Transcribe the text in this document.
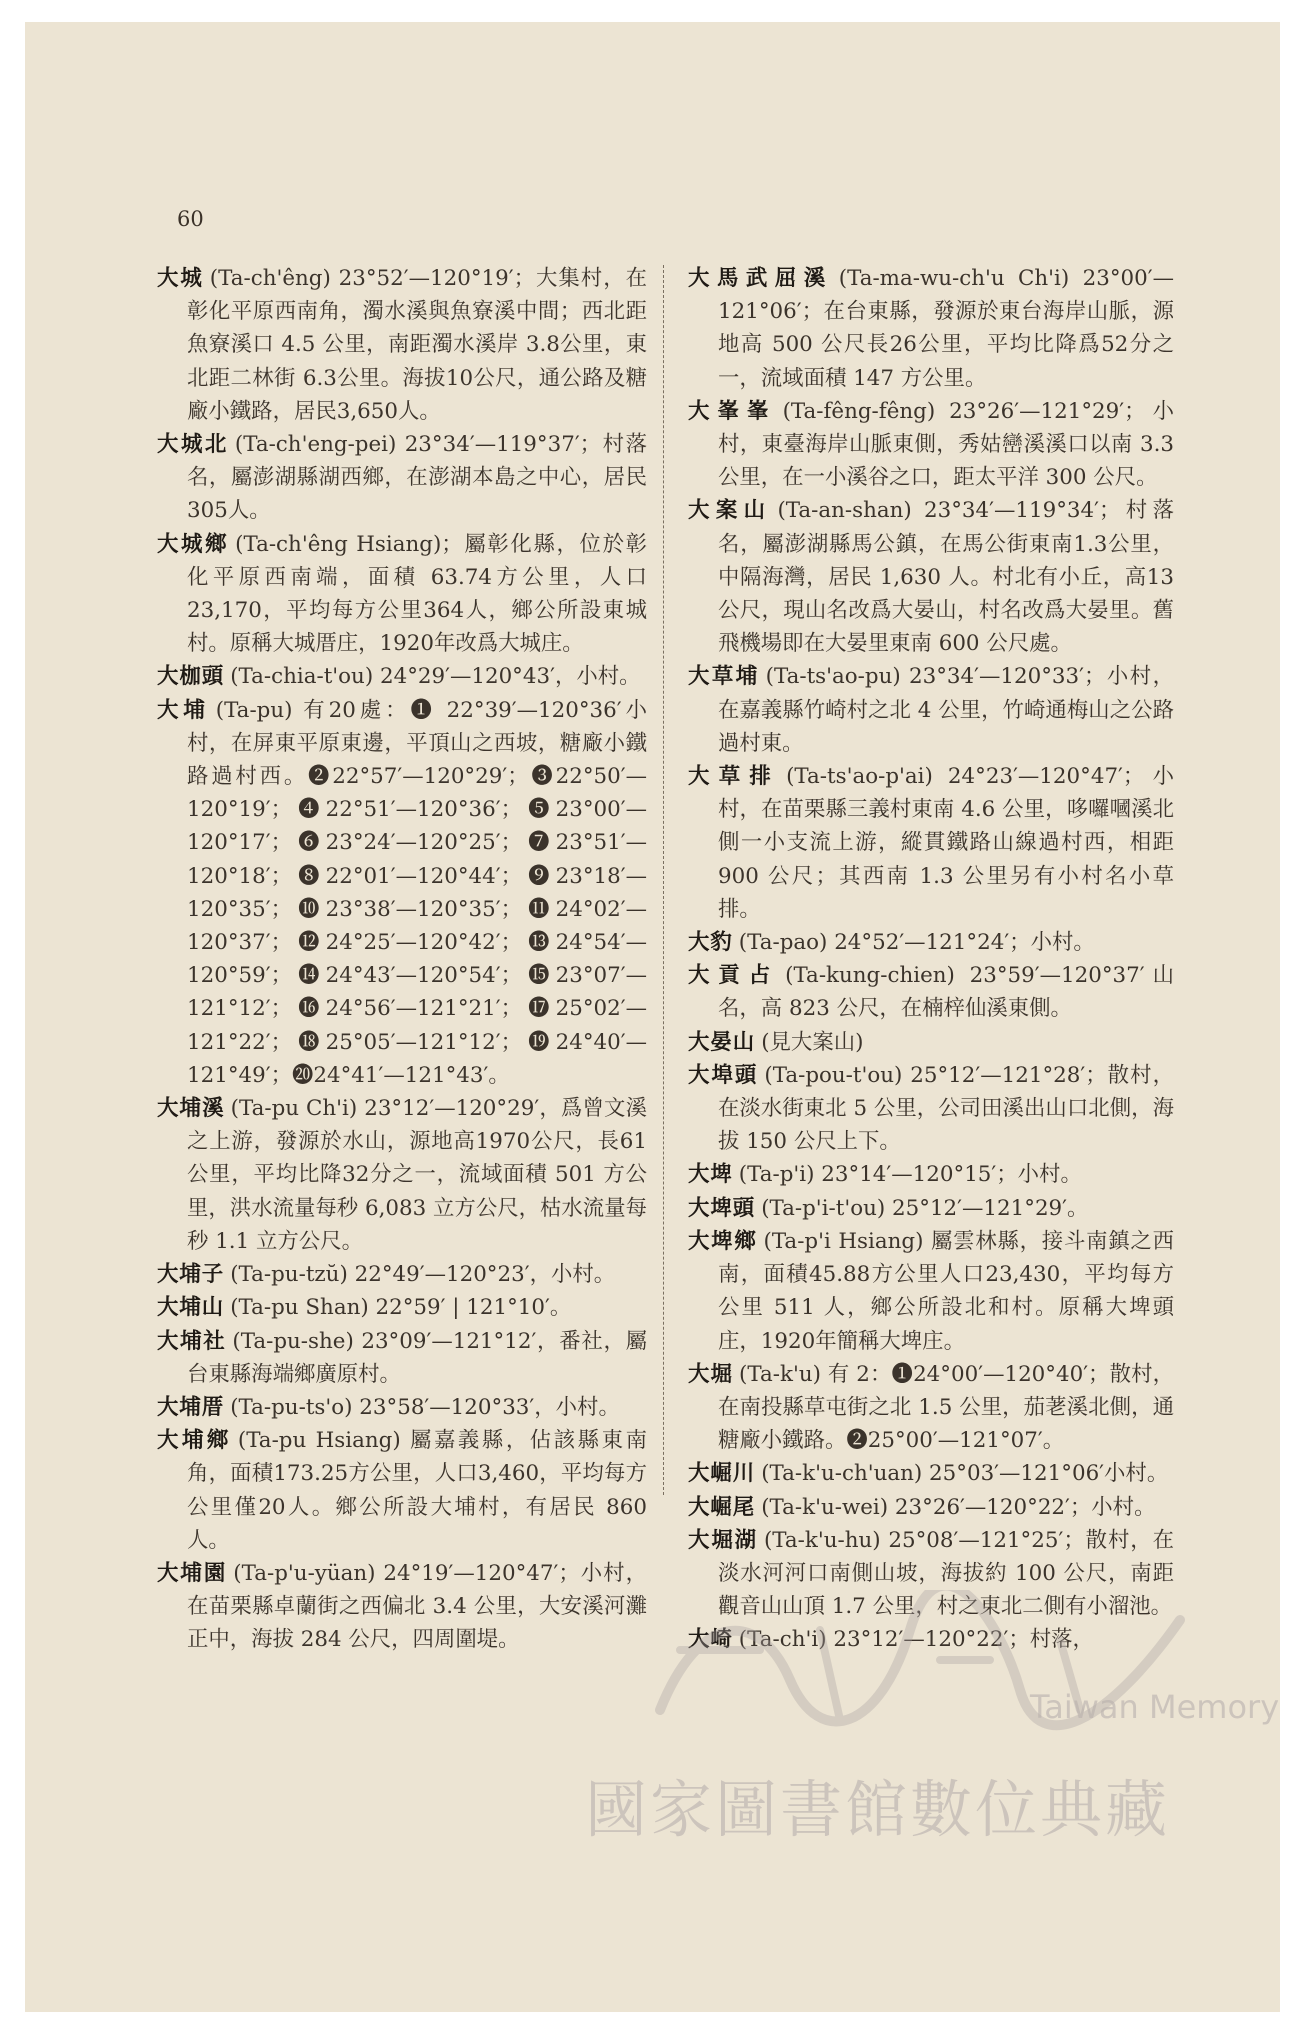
60

大城 (Ta-ch'êng) 23°52′—120°19′；大集村，在彰化平原西南角，濁水溪與魚寮溪中間；西北距魚寮溪口 4.5 公里，南距濁水溪岸 3.8公里，東北距二林街 6.3公里。海拔10公尺，通公路及糖廠小鐵路，居民3,650人。

大城北 (Ta-ch'eng-pei) 23°34′—119°37′；村落名，屬澎湖縣湖西鄉，在澎湖本島之中心，居民305人。

大城鄉 (Ta-ch'êng Hsiang)；屬彰化縣，位於彰化平原西南端，面積 63.74方公里，人口 23,170，平均每方公里364人，鄉公所設東城村。原稱大城厝庄，1920年改爲大城庄。

大枷頭 (Ta-chia-t'ou) 24°29′—120°43′，小村。

大埔 (Ta-pu) 有20處：❶ 22°39′—120°36′小村，在屏東平原東邊，平頂山之西坡，糖廠小鐵路過村西。❷22°57′—120°29′；❸22°50′—120°19′；❹22°51′—120°36′；❺23°00′—120°17′；❻23°24′—120°25′；❼23°51′—120°18′；❽22°01′—120°44′；❾23°18′—120°35′；❿23°38′—120°35′；⓫24°02′—120°37′；⓬24°25′—120°42′；⓭24°54′—120°59′；⓮24°43′—120°54′；⓯23°07′—121°12′；⓰24°56′—121°21′；⓱25°02′—121°22′；⓲25°05′—121°12′；⓳24°40′—121°49′；⓴24°41′—121°43′。

大埔溪 (Ta-pu Ch'i) 23°12′—120°29′，爲曾文溪之上游，發源於水山，源地高1970公尺，長61公里，平均比降32分之一，流域面積 501 方公里，洪水流量每秒 6,083 立方公尺，枯水流量每秒 1.1 立方公尺。

大埔子 (Ta-pu-tzŭ) 22°49′—120°23′，小村。

大埔山 (Ta-pu Shan) 22°59′ | 121°10′。

大埔社 (Ta-pu-she) 23°09′—121°12′，番社，屬台東縣海端鄉廣原村。

大埔厝 (Ta-pu-ts'o) 23°58′—120°33′，小村。

大埔鄉 (Ta-pu Hsiang) 屬嘉義縣，佔該縣東南角，面積173.25方公里，人口3,460，平均每方公里僅20人。鄉公所設大埔村，有居民 860 人。

大埔園 (Ta-p'u-yüan) 24°19′—120°47′；小村，在苗栗縣卓蘭街之西偏北 3.4 公里，大安溪河灘正中，海拔 284 公尺，四周圍堤。

大馬武屈溪 (Ta-ma-wu-ch'u Ch'i) 23°00′—121°06′；在台東縣，發源於東台海岸山脈，源地高 500 公尺長26公里，平均比降爲52分之一，流域面積 147 方公里。

大峯峯 (Ta-fêng-fêng) 23°26′—121°29′；小村，東臺海岸山脈東側，秀姑巒溪溪口以南 3.3 公里，在一小溪谷之口，距太平洋 300 公尺。

大案山 (Ta-an-shan) 23°34′—119°34′；村落名，屬澎湖縣馬公鎮，在馬公街東南1.3公里，中隔海灣，居民 1,630 人。村北有小丘，高13公尺，現山名改爲大晏山，村名改爲大晏里。舊飛機場即在大晏里東南 600 公尺處。

大草埔 (Ta-ts'ao-pu) 23°34′—120°33′；小村，在嘉義縣竹崎村之北 4 公里，竹崎通梅山之公路過村東。

大草排 (Ta-ts'ao-p'ai) 24°23′—120°47′；小村，在苗栗縣三義村東南 4.6 公里，哆囉嘓溪北側一小支流上游，縱貫鐵路山線過村西，相距 900 公尺；其西南 1.3 公里另有小村名小草排。

大豹 (Ta-pao) 24°52′—121°24′；小村。

大貢占 (Ta-kung-chien) 23°59′—120°37′山名，高 823 公尺，在楠梓仙溪東側。

大晏山 (見大案山)

大埠頭 (Ta-pou-t'ou) 25°12′—121°28′；散村，在淡水街東北 5 公里，公司田溪出山口北側，海拔 150 公尺上下。

大埤 (Ta-p'i) 23°14′—120°15′；小村。

大埤頭 (Ta-p'i-t'ou) 25°12′—121°29′。

大埤鄉 (Ta-p'i Hsiang) 屬雲林縣，接斗南鎮之西南，面積45.88方公里人口23,430，平均每方公里 511 人，鄉公所設北和村。原稱大埤頭庄，1920年簡稱大埤庄。

大堀 (Ta-k'u) 有 2：❶24°00′—120°40′；散村，在南投縣草屯街之北 1.5 公里，茄荖溪北側，通糖廠小鐵路。❷25°00′—121°07′。

大崛川 (Ta-k'u-ch'uan) 25°03′—121°06′小村。

大崛尾 (Ta-k'u-wei) 23°26′—120°22′；小村。

大堀湖 (Ta-k'u-hu) 25°08′—121°25′；散村，在淡水河河口南側山坡，海拔約 100 公尺，南距觀音山山頂 1.7 公里，村之東北二側有小溜池。

大崎 (Ta-ch'i) 23°12′—120°22′；村落，

Taiwan Memory
國家圖書館數位典藏
